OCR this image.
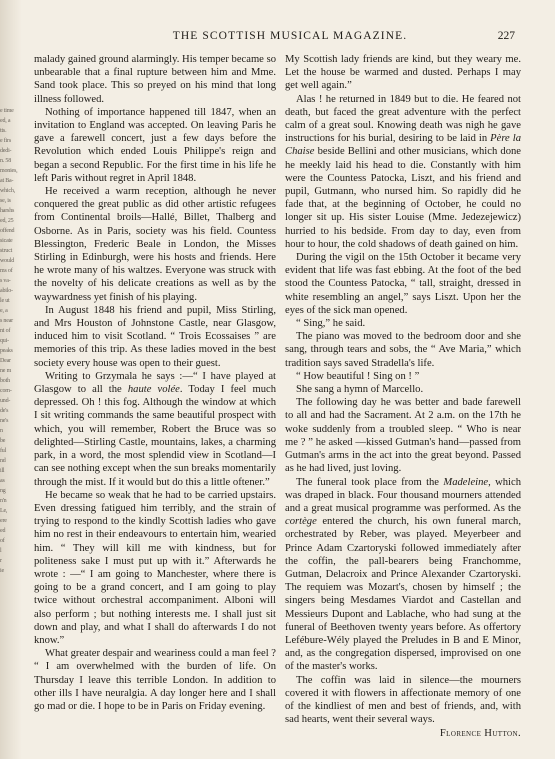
e time
ed, a
tts.
e firs
dedi-
n. 58
monies,
at Ba-
which,
se, is
harshs
ed, 25
offend
sicate
struct
would
ms of
s va-
abilo-
le ut
e, a
s near
nt of
qui-
peaks
Dear
ne m
both
corn-
und-
de's
ne's
n
be
ful
nd
ill
as
ng
n'n
Le,
ere
ed
of
l
r
ie
THE SCOTTISH MUSICAL MAGAZINE.	227

malady gained ground alarmingly. His temper became so unbearable that a final rupture between him and Mme. Sand took place. This so preyed on his mind that long illness followed.

Nothing of importance happened till 1847, when an invitation to England was accepted. On leaving Paris he gave a farewell concert, just a few days before the Revolution which ended Louis Philippe's reign and began a second Republic. For the first time in his life he left Paris without regret in April 1848.

He received a warm reception, although he never conquered the great public as did other artistic refugees from Continental broils—Hallé, Billet, Thalberg and Osborne. As in Paris, society was his field. Countess Blessington, Frederic Beale in London, the Misses Stirling in Edinburgh, were his hosts and friends. Here he wrote many of his waltzes. Everyone was struck with the novelty of his delicate creations as well as by the waywardness yet finish of his playing.

In August 1848 his friend and pupil, Miss Stirling, and Mrs Houston of Johnstone Castle, near Glasgow, induced him to visit Scotland. “ Trois Ecossaises ” are memories of this trip. As these ladies moved in the best society every house was open to their guest.

Writing to Grzymala he says :—“ I have played at Glasgow to all the haute volée. Today I feel much depressed. Oh ! this fog. Although the window at which I sit writing commands the same beautiful prospect with which, you will remember, Robert the Bruce was so delighted—Stirling Castle, mountains, lakes, a charming park, in a word, the most splendid view in Scotland—I can see nothing except when the sun breaks momentarily through the mist. If it would but do this a little oftener.”

He became so weak that he had to be carried upstairs. Even dressing fatigued him terribly, and the strain of trying to respond to the kindly Scottish ladies who gave him no rest in their endeavours to entertain him, wearied him. “ They will kill me with kindness, but for politeness sake I must put up with it.” Afterwards he wrote : —“ I am going to Manchester, where there is going to be a grand concert, and I am going to play twice without orchestral accompaniment. Alboni will also perform ; but nothing interests me. I shall just sit down and play, and what I shall do afterwards I do not know.”

What greater despair and weariness could a man feel ? “ I am overwhelmed with the burden of life. On Thursday I leave this terrible London. In addition to other ills I have neuralgia. A day longer here and I shall go mad or die. I hope to be in Paris on Friday evening.

My Scottish lady friends are kind, but they weary me. Let the house be warmed and dusted. Perhaps I may get well again.”

Alas ! he returned in 1849 but to die. He feared not death, but faced the great adventure with the perfect calm of a great soul. Knowing death was nigh he gave instructions for his burial, desiring to be laid in Père la Chaise beside Bellini and other musicians, which done he meekly laid his head to die. Constantly with him were the Countess Patocka, Liszt, and his friend and pupil, Gutmann, who nursed him. So rapidly did he fade that, at the beginning of October, he could no longer sit up. His sister Louise (Mme. Jedezejewicz) hurried to his bedside. From day to day, even from hour to hour, the cold shadows of death gained on him.

During the vigil on the 15th October it became very evident that life was fast ebbing. At the foot of the bed stood the Countess Patocka, “ tall, straight, dressed in white resembling an angel,” says Liszt. Upon her the eyes of the sick man opened.

“ Sing,” he said.

The piano was moved to the bedroom door and she sang, through tears and sobs, the “ Ave Maria,” which tradition says saved Stradella's life.

“ How beautiful ! Sing on ! ”

She sang a hymn of Marcello.

The following day he was better and bade farewell to all and had the Sacrament. At 2 a.m. on the 17th he woke suddenly from a troubled sleep. “ Who is near me ? ” he asked —kissed Gutman's hand—passed from Gutman's arms in the act into the great beyond. Passed as he had lived, just loving.

The funeral took place from the Madeleine, which was draped in black. Four thousand mourners attended and a great musical programme was performed. As the cortège entered the church, his own funeral march, orchestrated by Reber, was played. Meyerbeer and Prince Adam Czartoryski followed immediately after the coffin, the pall-bearers being Franchomme, Gutman, Delacroix and Prince Alexander Czartoryski. The requiem was Mozart's, chosen by himself ; the singers being Mesdames Viardot and Castellan and Messieurs Dupont and Lablache, who had sung at the funeral of Beethoven twenty years before. As offertory Lefébure-Wély played the Preludes in B and E Minor, and, as the congregation dispersed, improvised on one of the master's works.

The coffin was laid in silence—the mourners covered it with flowers in affectionate memory of one of the kindliest of men and best of friends, and, with sad hearts, went their several ways.

Florence Hutton.
